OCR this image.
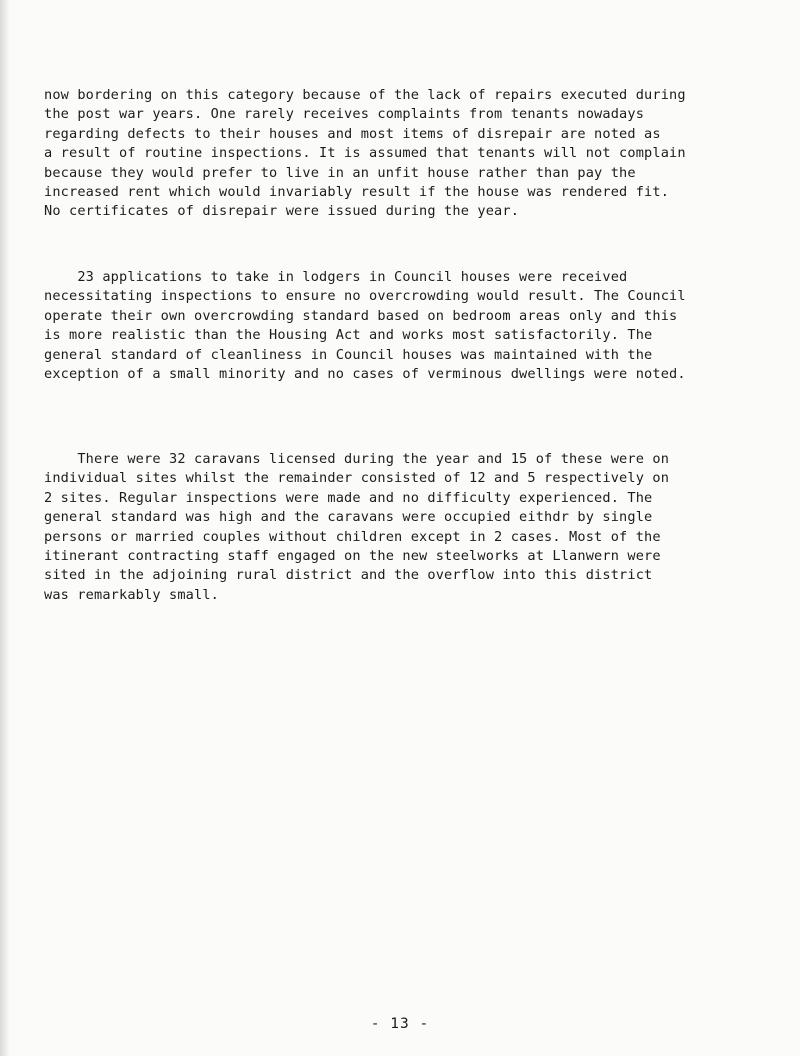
now bordering on this category because of the lack of repairs executed during
the post war years. One rarely receives complaints from tenants nowadays
regarding defects to their houses and most items of disrepair are noted as
a result of routine inspections. It is assumed that tenants will not complain
because they would prefer to live in an unfit house rather than pay the
increased rent which would invariably result if the house was rendered fit.
No certificates of disrepair were issued during the year.

23 applications to take in lodgers in Council houses were received
necessitating inspections to ensure no overcrowding would result. The Council
operate their own overcrowding standard based on bedroom areas only and this
is more realistic than the Housing Act and works most satisfactorily. The
general standard of cleanliness in Council houses was maintained with the
exception of a small minority and no cases of verminous dwellings were noted.

There were 32 caravans licensed during the year and 15 of these were on
individual sites whilst the remainder consisted of 12 and 5 respectively on
2 sites. Regular inspections were made and no difficulty experienced. The
general standard was high and the caravans were occupied eithdr by single
persons or married couples without children except in 2 cases. Most of the
itinerant contracting staff engaged on the new steelworks at Llanwern were
sited in the adjoining rural district and the overflow into this district
was remarkably small.

- 13 -
